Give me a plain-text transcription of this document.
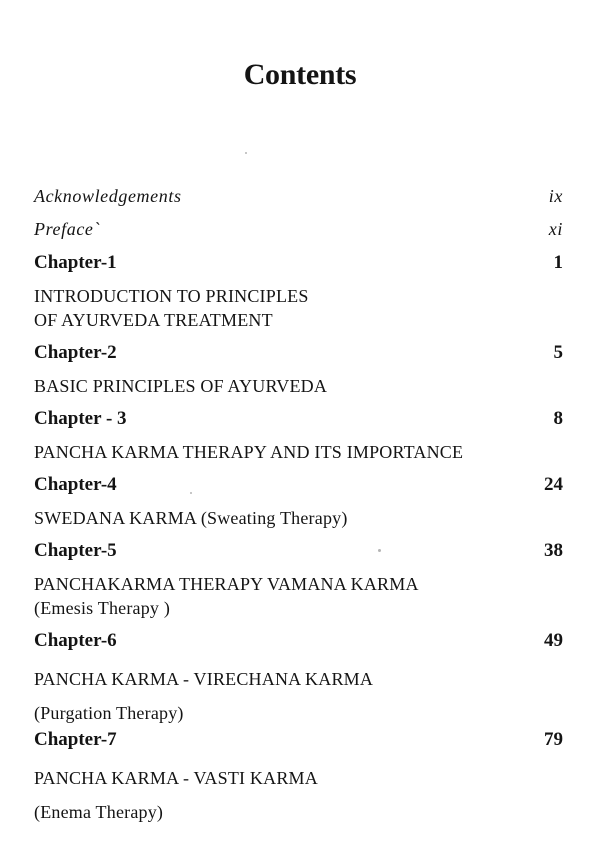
Contents
Acknowledgements	ix
Preface`	xi
Chapter-1	1
INTRODUCTION TO PRINCIPLES
OF AYURVEDA TREATMENT
Chapter-2	5
BASIC PRINCIPLES OF AYURVEDA
Chapter - 3	8
PANCHA KARMA THERAPY AND ITS IMPORTANCE
Chapter-4	24
SWEDANA KARMA (Sweating Therapy)
Chapter-5	38
PANCHAKARMA THERAPY VAMANA KARMA
(Emesis Therapy )
Chapter-6	49
PANCHA KARMA - VIRECHANA KARMA
(Purgation Therapy)
Chapter-7	79
PANCHA KARMA - VASTI KARMA
(Enema Therapy)
